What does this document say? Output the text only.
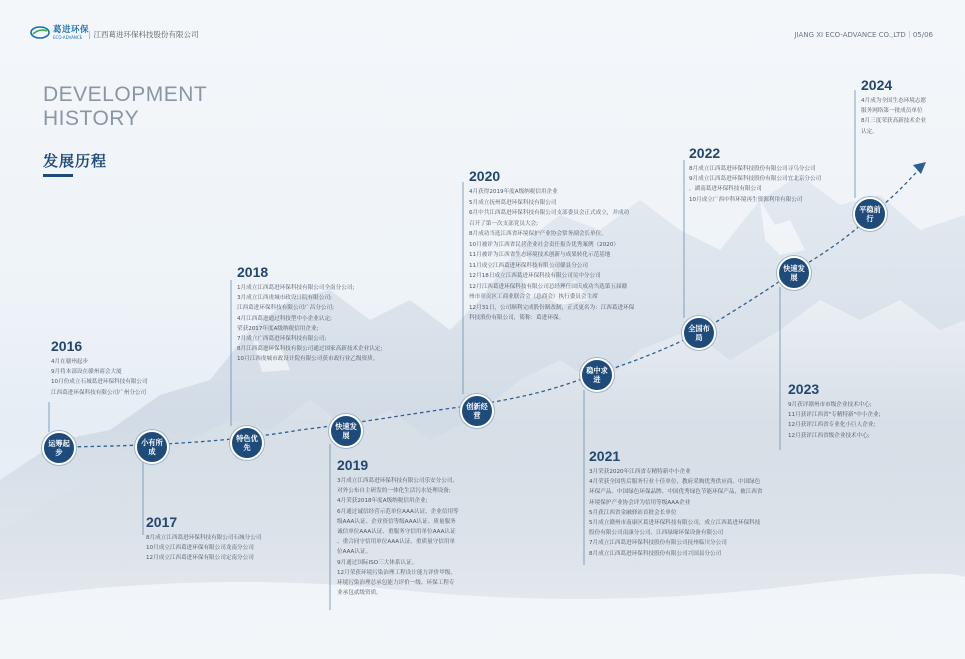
葛进环保
ECO-ADVANCE | 江西葛进环保科技股份有限公司	JIANG XI ECO-ADVANCE CO.,LTD｜05/06
DEVELOPMENT
HISTORY
发展历程
运筹起步
小有所成
特色优先
快速发展
创新经营
稳中求进
全国布局
快速发展
平稳前行
2016
4月在赣州起步
9月将本部设在赣州商会大厦
10月份成立石城葛进环保科技有限公司
江西葛进环保科技有限公司广州分公司
2017
8月成立江西葛进环保科技有限公司石城分公司
10月成立江西葛进环保有限公司龙南分公司
12月成立江西葛进环保有限公司定南分公司
2018
1月成立江西葛进环保科技有限公司全南分公司;
3月成立江西虔城市政设计院有限公司;
江西葛进环保科技有限公司广昌分公司;
4月江西葛进通过科技型中小企业认定;
荣获2017年度A级纳税信用企业;
7月成立广西葛进环保科技有限公司;
8月江西葛进环保科技有限公司通过国家高新技术企业认定;
10月江西虔城市政设计院有限公司获市政行业乙级资质。
2019
3月成立江西葛进环保科技有限公司乐安分公司,
对外公布自主研发的一体化生活污水处理设备;
4月荣获2018年度A级纳税信用企业;
6月通过诚信经营示范单位AAA认证、企业信用等
级AAA认证、企业资信等级AAA认证、质量服务
诚信单位AAA认证、重服务守信用单位AAA认证
、重合同守信用单位AAA认证、重质量守信用单
位AAA认证。
9月通过国际ISO三大体系认证。
12月荣获环境污染治理工程设计能力评价甲级、
环境污染治理总承包能力评价一级、环保工程专
业承包贰级资质。
2020
4月获得2019年度A级纳税信用企业
5月成立抚州葛进环保科技有限公司
6月中共江西葛进环保科技有限公司支部委员会正式成立，并成功
召开了第一次支部党员大会;
8月成功当选江西省环境保护产业协会常务副会长单位。
10月被评为江西省民营企业社会责任报告优秀案例（2020）
11月被评为江西省生态环境技术创新与成果转化示范基地
11月成立江西葛进环保科技有限公司赣县分公司
12月18日成立江西葛进环保科技有限公司吴中分公司
12月江西葛进环保科技有限公司总经理任国庆成功当选第五届赣
州市章贡区工商业联合会（总商会）执行委员会主席
12月31日，公司顺利完成股份制改制，正式更名为：江西葛进环保
科技股份有限公司，简称：葛进环保。
2021
3月荣获2020年江西省专精特新中小企业
4月荣获全国售后服务行业十佳单位、教府采购优秀供应商、中国绿色
环保产品、中国绿色环保品牌、中国优秀绿色节能环保产品，被江西省
环境保护产业协会评为信用等级AAA企业
5月获江西省金融驿站首批会长单位
5月成立赣州市南康区葛进环保科技有限公司，成立江西葛进环保科技
股份有限公司南康分公司、江西绿缘环保设备有限公司
7月成立江西葛进环保科技股份有限公司抚州临川分公司
8月成立江西葛进环保科技股份有限公司兴国县分公司
2022
8月成立江西葛进环保科技股份有限公司寻乌分公司
9月成立江西葛进环保科技股份有限公司宜北京分公司
，湖南葛进环保科技有限公司
10月成立广西中科环境再生资源利用有限公司
2023
9月获评赣州市市级企业技术中心;
11月获评江西省"专精特新"中小企业;
12月获评江西省专业化小巨人企业;
12月获评江西省级企业技术中心;
2024
4月成为全国生态环境志愿
服务网络第一批成员单位
8月三度荣获高新技术企业
认定。
